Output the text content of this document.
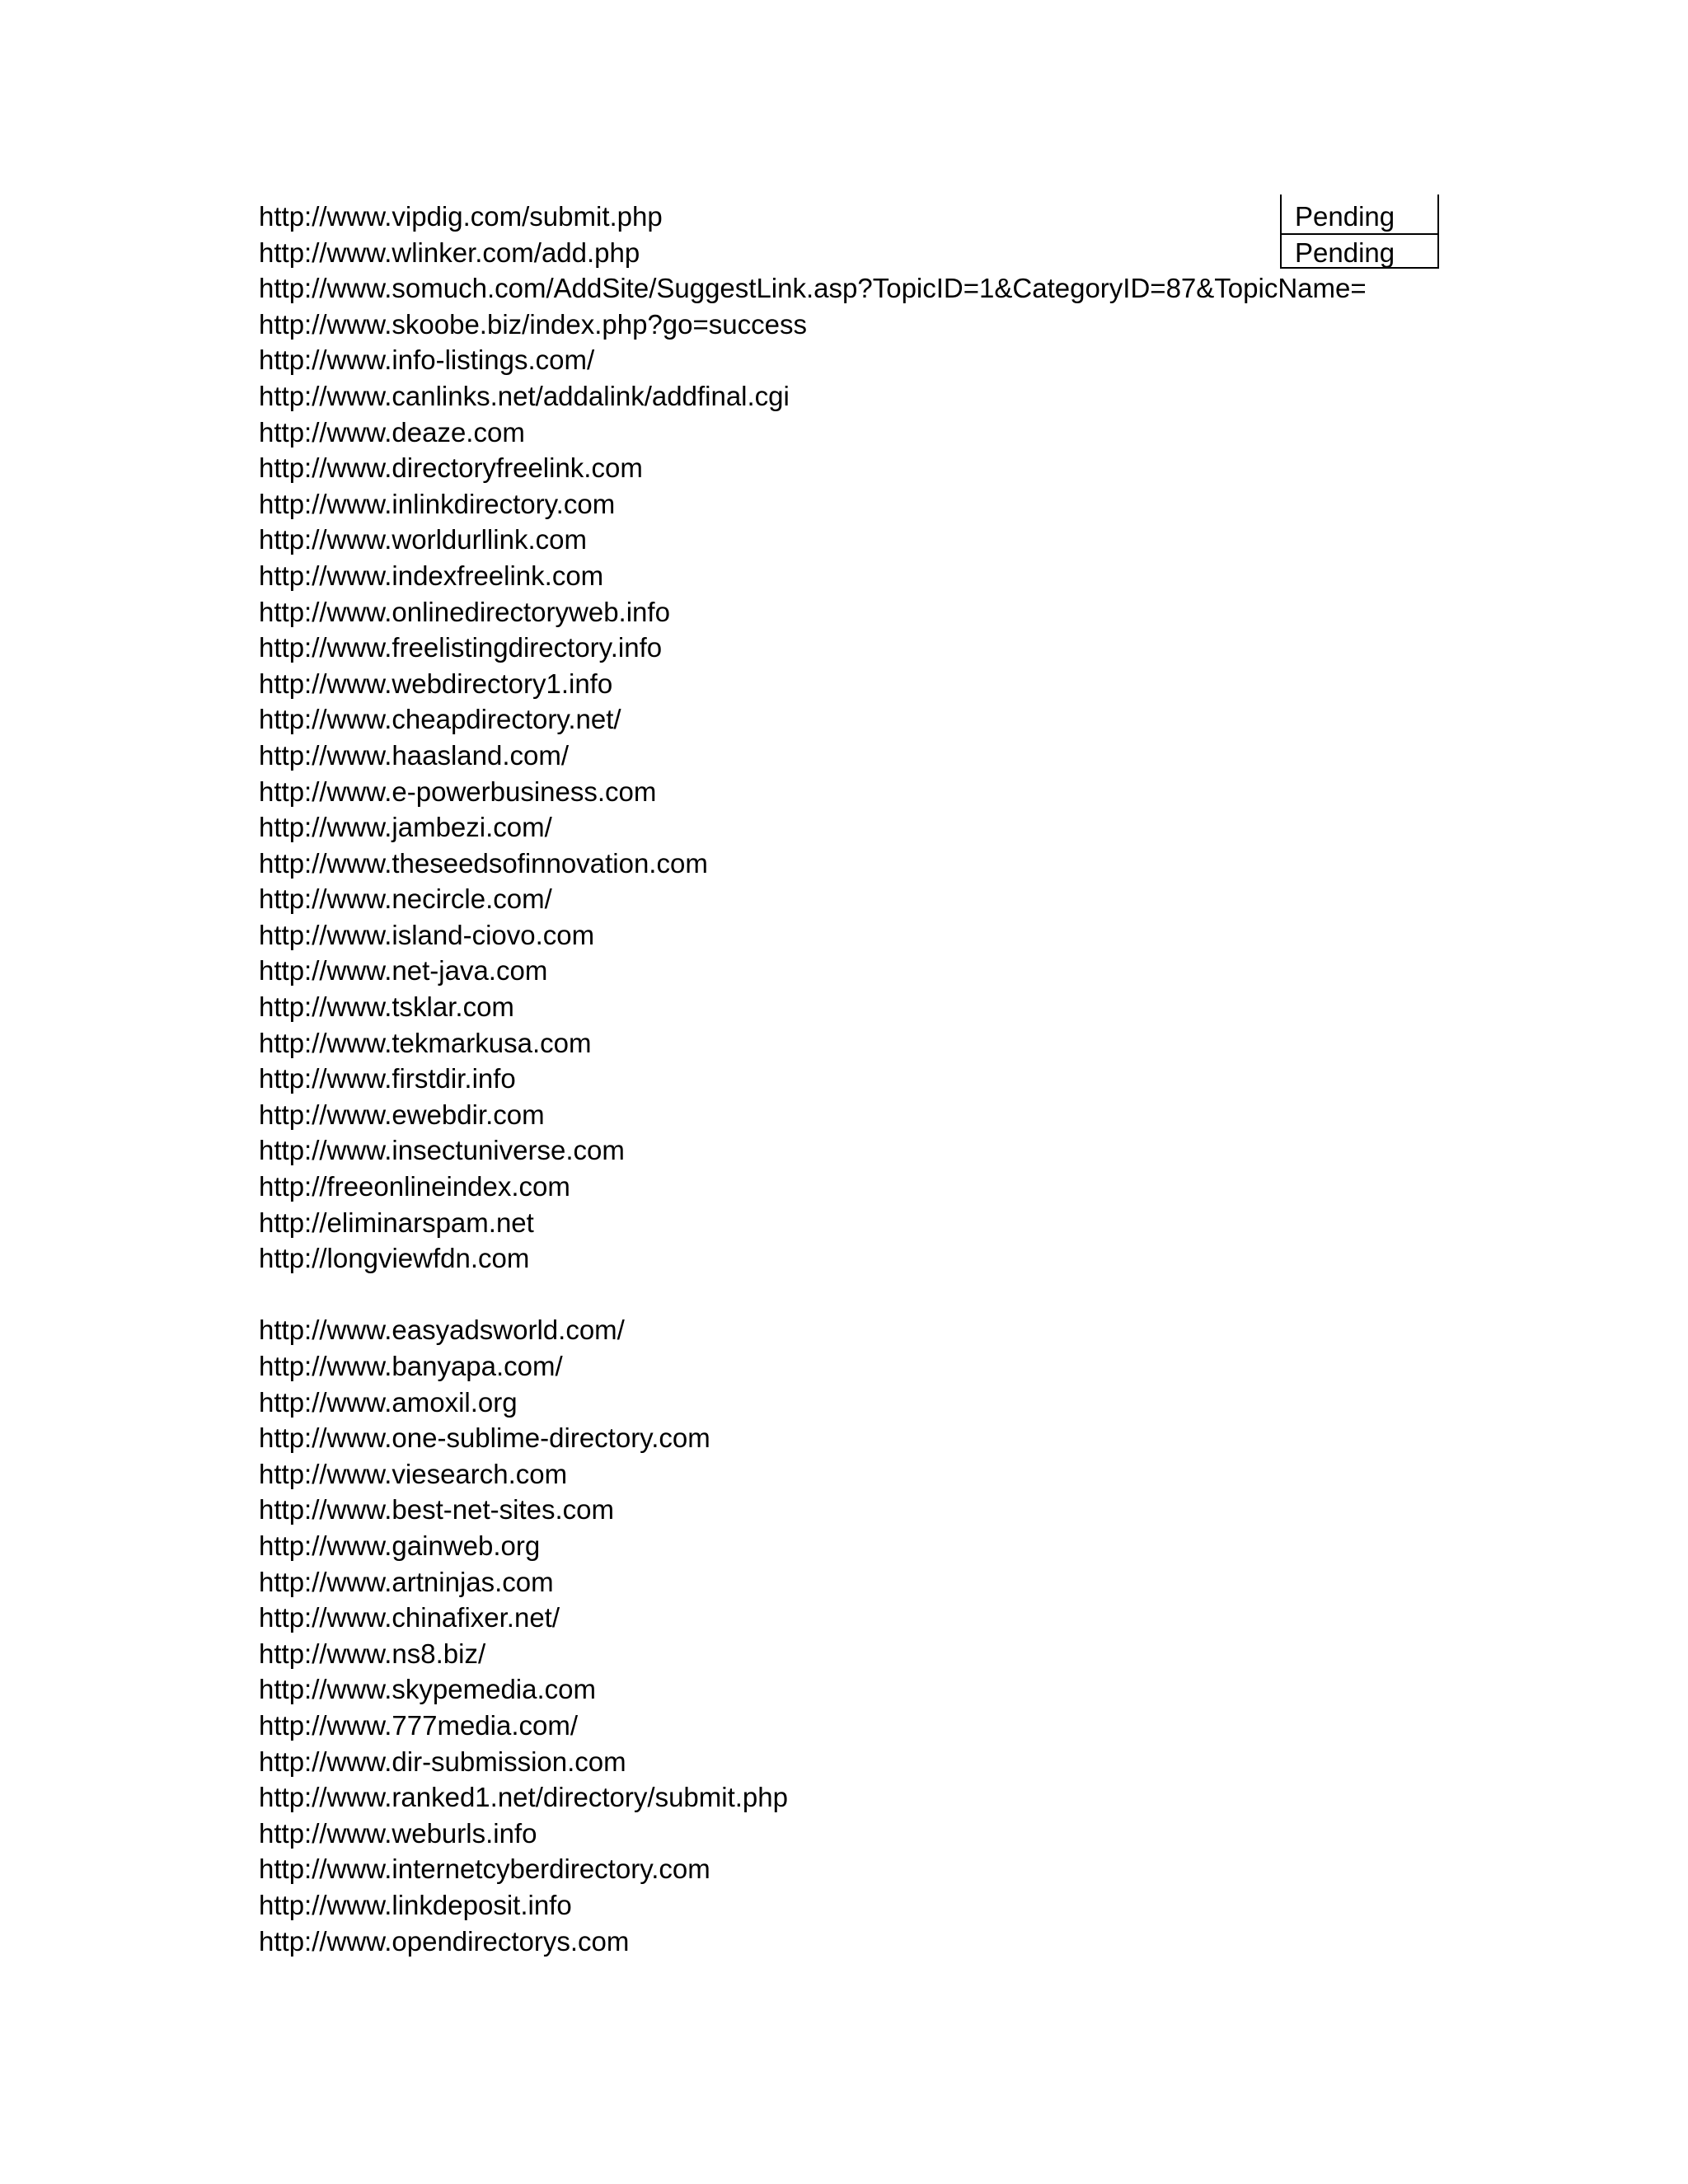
http://www.vipdig.com/submit.php
http://www.wlinker.com/add.php
http://www.somuch.com/AddSite/SuggestLink.asp?TopicID=1&CategoryID=87&TopicName=
http://www.skoobe.biz/index.php?go=success
http://www.info-listings.com/
http://www.canlinks.net/addalink/addfinal.cgi
http://www.deaze.com
http://www.directoryfreelink.com
http://www.inlinkdirectory.com
http://www.worldurllink.com
http://www.indexfreelink.com
http://www.onlinedirectoryweb.info
http://www.freelistingdirectory.info
http://www.webdirectory1.info
http://www.cheapdirectory.net/
http://www.haasland.com/
http://www.e-powerbusiness.com
http://www.jambezi.com/
http://www.theseedsofinnovation.com
http://www.necircle.com/
http://www.island-ciovo.com
http://www.net-java.com
http://www.tsklar.com
http://www.tekmarkusa.com
http://www.firstdir.info
http://www.ewebdir.com
http://www.insectuniverse.com
http://freeonlineindex.com
http://eliminarspam.net
http://longviewfdn.com
http://www.easyadsworld.com/
http://www.banyapa.com/
http://www.amoxil.org
http://www.one-sublime-directory.com
http://www.viesearch.com
http://www.best-net-sites.com
http://www.gainweb.org
http://www.artninjas.com
http://www.chinafixer.net/
http://www.ns8.biz/
http://www.skypemedia.com
http://www.777media.com/
http://www.dir-submission.com
http://www.ranked1.net/directory/submit.php
http://www.weburls.info
http://www.internetcyberdirectory.com
http://www.linkdeposit.info
http://www.opendirectorys.com
Pending
Pending
